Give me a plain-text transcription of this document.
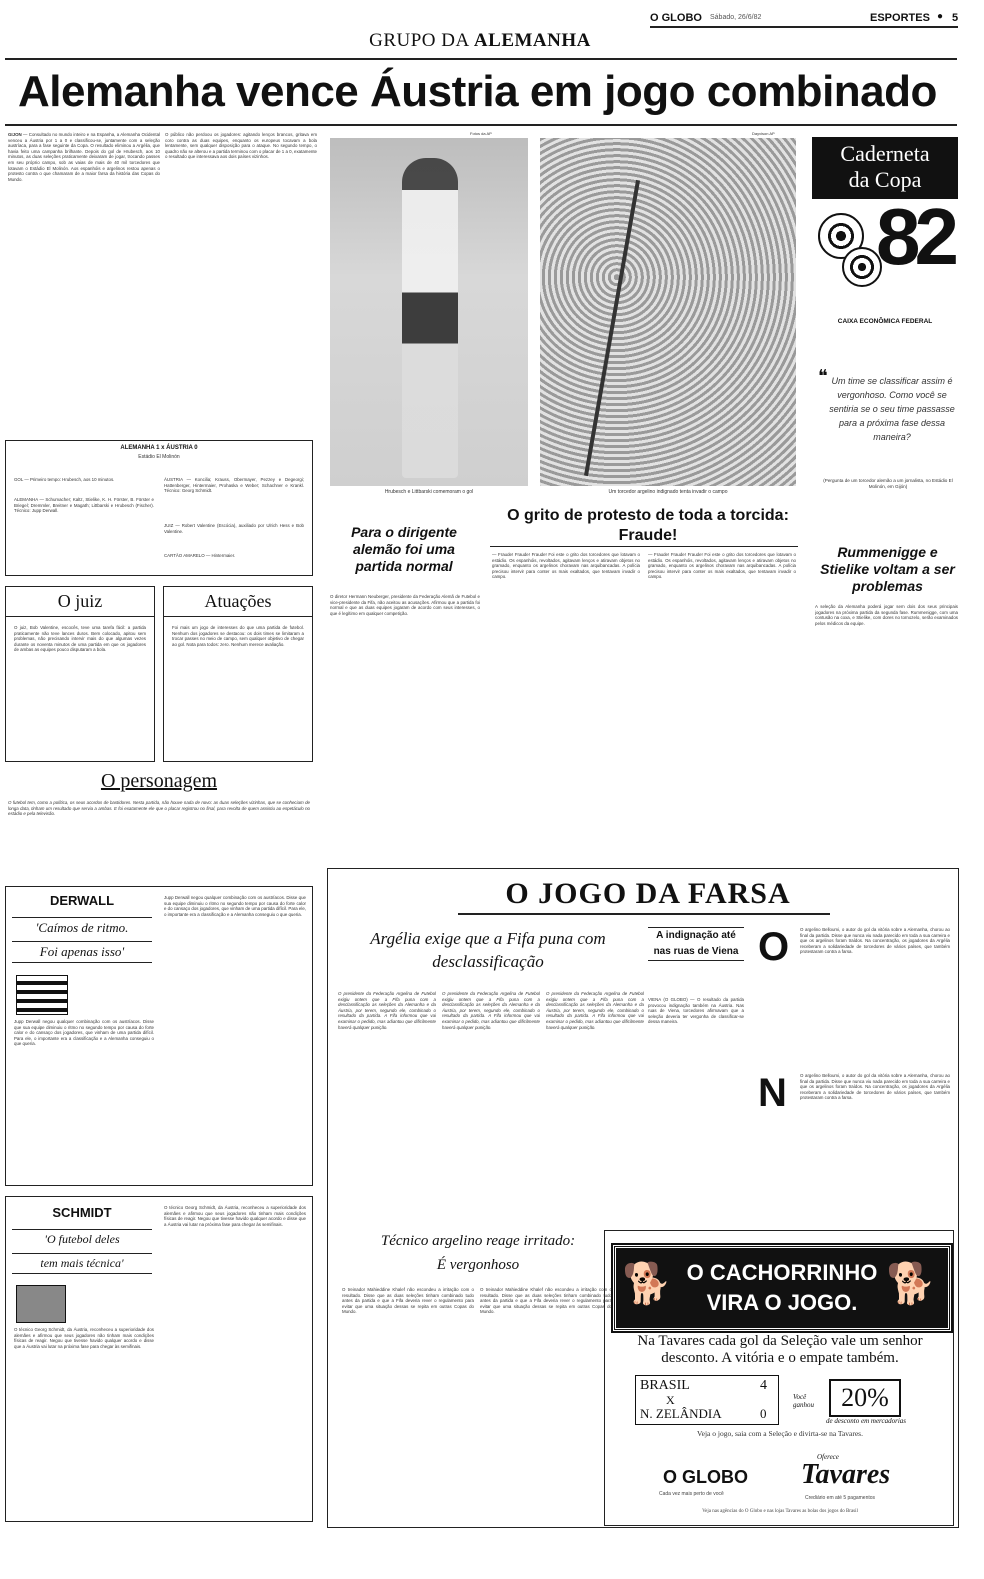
O GLOBO Sábado, 26/6/82	ESPORTES ● 5
GRUPO DA ALEMANHA
Alemanha vence Áustria em jogo combinado
GIJON — Consultado no mundo inteiro e na Espanha, a Alemanha Ocidental venceu a Áustria por 1 a 0 e classificou-se, juntamente com a seleção austríaca, para a fase seguinte da Copa. O resultado eliminou a Argélia, que havia feito uma campanha brilhante. Depois do gol de Hrubesch, aos 10 minutos, as duas seleções praticamente deixaram de jogar, trocando passes em seu próprio campo, sob as vaias de mais de 40 mil torcedores que lotavam o Estádio El Molinón. Aos espanhóis e argelinos restou apenas o protesto contra o que chamaram de a maior farsa da história das Copas do Mundo.
O público não perdoou os jogadores: agitando lenços brancos, gritava em coro contra as duas equipes, enquanto os europeus tocavam a bola lentamente, sem qualquer disposição para o ataque. No segundo tempo, o quadro não se alterou e a partida terminou com o placar de 1 a 0, exatamente o resultado que interessava aos dois países vizinhos.
ALEMANHA 1 x ÁUSTRIA 0
Estádio El Molinón
GOL — Primeiro tempo: Hrubesch, aos 10 minutos.
ALEMANHA — Schumacher; Kaltz, Stielike, K. H. Förster, B. Förster e Briegel; Dremmler, Breitner e Magath; Littbarski e Hrubesch (Fischer). Técnico: Jupp Derwall.
ÁUSTRIA — Koncilia; Krauss, Obermayer, Pezzey e Degeorgi; Hattenberger, Hintermaier, Prohaska e Weber; Schachner e Krankl. Técnico: Georg Schmidt.
JUIZ — Robert Valentine (Escócia), auxiliado por Ulrich Hess e Bob Valentine.
CARTÃO AMARELO — Hintermaier.
O juiz
O juiz, Bob Valentine, escocês, teve uma tarefa fácil: a partida praticamente não teve lances duros. Bem colocado, apitou sem problemas, não precisando intervir mais do que algumas vezes durante os noventa minutos de uma partida em que os jogadores de ambas as equipes pouco disputaram a bola.
Atuações
Foi mais um jogo de interesses do que uma partida de futebol. Nenhum dos jogadores se destacou: os dois times se limitaram a trocar passes no meio de campo, sem qualquer objetivo de chegar ao gol. Nota para todos: zero. Nenhum merece avaliação.
O personagem
O futebol tem, como a política, os seus acordos de bastidores. Nesta partida, não houve nada de novo: as duas seleções vizinhas, que se conheciam de longa data, tinham um resultado que servia a ambas. E foi exatamente ele que o placar registrou no final, para revolta de quem assistiu ao espetáculo no estádio e pela televisão.
DERWALL
'Caímos de ritmo.
Foi apenas isso'
Jupp Derwall negou qualquer combinação com os austríacos. Disse que sua equipe diminuiu o ritmo no segundo tempo por causa do forte calor e do cansaço dos jogadores, que vinham de uma partida difícil. Para ele, o importante era a classificação e a Alemanha conseguiu o que queria.
Jupp Derwall negou qualquer combinação com os austríacos. Disse que sua equipe diminuiu o ritmo no segundo tempo por causa do forte calor e do cansaço dos jogadores, que vinham de uma partida difícil. Para ele, o importante era a classificação e a Alemanha conseguiu o que queria.
SCHMIDT
'O futebol deles
tem mais técnica'
O técnico Georg Schmidt, da Áustria, reconheceu a superioridade dos alemães e afirmou que seus jogadores não tinham mais condições físicas de reagir. Negou que tivesse havido qualquer acordo e disse que a Áustria vai lutar na próxima fase para chegar às semifinais.
O técnico Georg Schmidt, da Áustria, reconheceu a superioridade dos alemães e afirmou que seus jogadores não tinham mais condições físicas de reagir. Negou que tivesse havido qualquer acordo e disse que a Áustria vai lutar na próxima fase para chegar às semifinais.
Fotos da AP
Hrubesch e Littbarski comemoram o gol
Dayvison AP
Um torcedor argelino indignado tenta invadir o campo
Caderneta
da Copa
82
CAIXA ECONÔMICA FEDERAL
❝ Um time se classificar assim é vergonhoso. Como você se sentiria se o seu time passasse para a próxima fase dessa maneira?
(Pergunta de um torcedor alemão a um jornalista, no Estádio El Molinón, em Gijón)
Para o dirigente alemão foi uma partida normal
O diretor Hermann Neuberger, presidente da Federação Alemã de Futebol e vice-presidente da Fifa, não aceitou as acusações. Afirmou que a partida foi normal e que as duas equipes jogaram de acordo com seus interesses, o que é legítimo em qualquer competição.
O grito de protesto de toda a torcida: Fraude!
— Fraude! Fraude! Fraude! Foi este o grito dos torcedores que lotavam o estádio. Os espanhóis, revoltados, agitavam lenços e atiravam objetos no gramado, enquanto os argelinos choravam nas arquibancadas. A polícia precisou intervir para conter os mais exaltados, que tentavam invadir o campo.
— Fraude! Fraude! Fraude! Foi este o grito dos torcedores que lotavam o estádio. Os espanhóis, revoltados, agitavam lenços e atiravam objetos no gramado, enquanto os argelinos choravam nas arquibancadas. A polícia precisou intervir para conter os mais exaltados, que tentavam invadir o campo.
Rummenigge e Stielike voltam a ser problemas
A seleção da Alemanha poderá jogar sem dois dos seus principais jogadores na próxima partida da segunda fase. Rummenigge, com uma contusão na coxa, e Stielike, com dores no tornozelo, serão examinados pelos médicos da equipe.
O JOGO DA FARSA
Argélia exige que a Fifa puna com desclassificação
O presidente da Federação Argelina de Futebol exigiu ontem que a Fifa puna com a desclassificação as seleções da Alemanha e da Áustria, por terem, segundo ele, combinado o resultado da partida. A Fifa informou que vai examinar o pedido, mas adiantou que dificilmente haverá qualquer punição.
O presidente da Federação Argelina de Futebol exigiu ontem que a Fifa puna com a desclassificação as seleções da Alemanha e da Áustria, por terem, segundo ele, combinado o resultado da partida. A Fifa informou que vai examinar o pedido, mas adiantou que dificilmente haverá qualquer punição.
O presidente da Federação Argelina de Futebol exigiu ontem que a Fifa puna com a desclassificação as seleções da Alemanha e da Áustria, por terem, segundo ele, combinado o resultado da partida. A Fifa informou que vai examinar o pedido, mas adiantou que dificilmente haverá qualquer punição.
A indignação até nas ruas de Viena
VIENA (O GLOBO) — O resultado da partida provocou indignação também na Áustria. Nas ruas de Viena, torcedores afirmavam que a seleção deveria ter vergonha de classificar-se dessa maneira.
O O argelino Belloumi, o autor do gol da vitória sobre a Alemanha, chorou ao final da partida. Disse que nunca viu nada parecido em toda a sua carreira e que os argelinos foram traídos. Na concentração, os jogadores da Argélia receberam a solidariedade de torcedores de vários países, que também protestaram contra a farsa.
N	O argelino Belloumi, o autor do gol da vitória sobre a Alemanha, chorou ao final da partida. Disse que nunca viu nada parecido em toda a sua carreira e que os argelinos foram traídos. Na concentração, os jogadores da Argélia receberam a solidariedade de torcedores de vários países, que também protestaram contra a farsa.
Técnico argelino reage irritado: É vergonhoso
O treinador Mahieddine Khalef não escondeu a irritação com o resultado. Disse que as duas seleções tinham combinado tudo antes da partida e que a Fifa deveria rever o regulamento para evitar que uma situação dessas se repita em outras Copas do Mundo.
O treinador Mahieddine Khalef não escondeu a irritação com o resultado. Disse que as duas seleções tinham combinado tudo antes da partida e que a Fifa deveria rever o regulamento para evitar que uma situação dessas se repita em outras Copas do Mundo.
🐕	🐕
O CACHORRINHO
VIRA O JOGO.
Na Tavares cada gol da Seleção vale um senhor desconto. A vitória e o empate também.
BRASIL	4
X
N. ZELÂNDIA	0
Você ganhou	20%
de desconto em mercadorias
Veja o jogo, saia com a Seleção e divirta-se na Tavares.
O GLOBO
Cada vez mais perto de você
Oferece
Tavares
Crediário em até 5 pagamentos
Veja nas agências do O Globo e nas lojas Tavares as bolas dos jogos do Brasil
